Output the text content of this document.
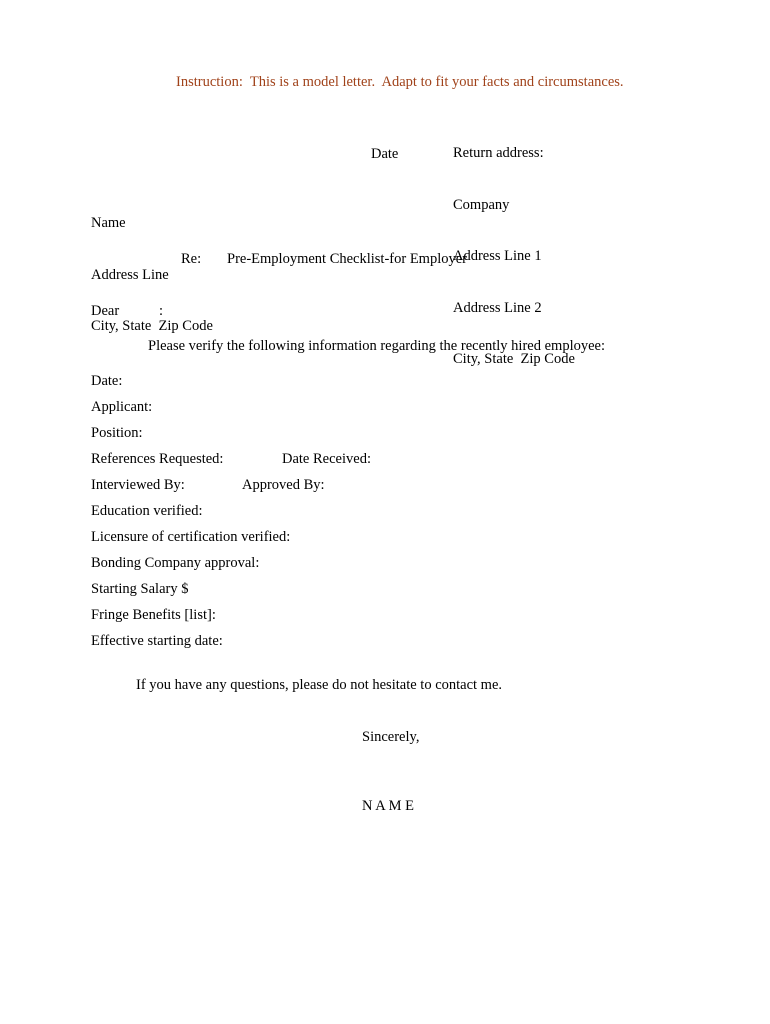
Instruction:  This is a model letter.  Adapt to fit your facts and circumstances.

Return address:

Company

Address Line 1

Address Line 2

City, State  Zip Code

Date

Name

Address Line

City, State  Zip Code

Re: Pre-Employment Checklist-for Employer
Dear	:
Please verify the following information regarding the recently hired employee:
Date:
Applicant:
Position:
References Requested:	Date Received:
Interviewed By:	Approved By:
Education verified:
Licensure of certification verified:
Bonding Company approval:
Starting Salary $
Fringe Benefits [list]:
Effective starting date:
If you have any questions, please do not hesitate to contact me.
Sincerely,
N A M E
